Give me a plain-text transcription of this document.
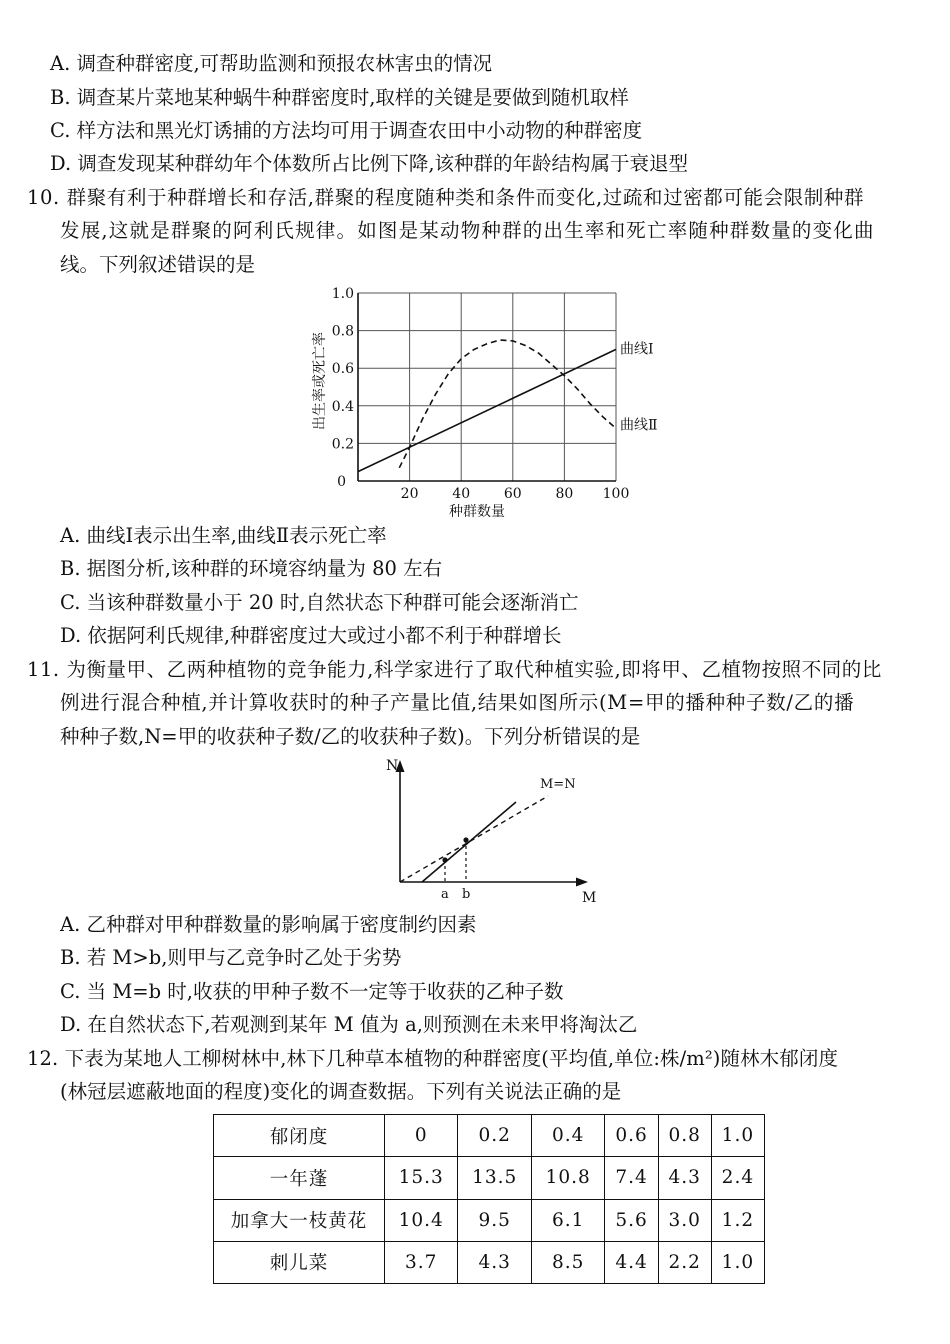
A. 调查种群密度,可帮助监测和预报农林害虫的情况
B. 调查某片菜地某种蜗牛种群密度时,取样的关键是要做到随机取样
C. 样方法和黑光灯诱捕的方法均可用于调查农田中小动物的种群密度
D. 调查发现某种群幼年个体数所占比例下降,该种群的年龄结构属于衰退型
10. 群聚有利于种群增长和存活,群聚的程度随种类和条件而变化,过疏和过密都可能会限制种群
发展,这就是群聚的阿利氏规律。如图是某动物种群的出生率和死亡率随种群数量的变化曲
线。下列叙述错误的是
0
20 40 60 80 100
0.2
0.4
0.6
0.8
1.0
种群数量
出生率或死亡率	曲线Ⅰ
曲线Ⅱ
A. 曲线Ⅰ表示出生率,曲线Ⅱ表示死亡率
B. 据图分析,该种群的环境容纳量为 80 左右
C. 当该种群数量小于 20 时,自然状态下种群可能会逐渐消亡
D. 依据阿利氏规律,种群密度过大或过小都不利于种群增长
11. 为衡量甲、乙两种植物的竞争能力,科学家进行了取代种植实验,即将甲、乙植物按照不同的比
例进行混合种植,并计算收获时的种子产量比值,结果如图所示(M=甲的播种种子数/乙的播
种种子数,N=甲的收获种子数/乙的收获种子数)。下列分析错误的是
N
M
M=N
a b
A. 乙种群对甲种群数量的影响属于密度制约因素
B. 若 M>b,则甲与乙竞争时乙处于劣势
C. 当 M=b 时,收获的甲种子数不一定等于收获的乙种子数
D. 在自然状态下,若观测到某年 M 值为 a,则预测在未来甲将淘汰乙
12. 下表为某地人工柳树林中,林下几种草本植物的种群密度(平均值,单位:株/m²)随林木郁闭度
(林冠层遮蔽地面的程度)变化的调查数据。下列有关说法正确的是
郁闭度	0	0.2	0.4	0.6	0.8	1.0
一年蓬	15.3	13.5	10.8	7.4	4.3	2.4
加拿大一枝黄花	10.4	9.5	6.1	5.6	3.0	1.2
刺儿菜	3.7	4.3	8.5	4.4	2.2	1.0
